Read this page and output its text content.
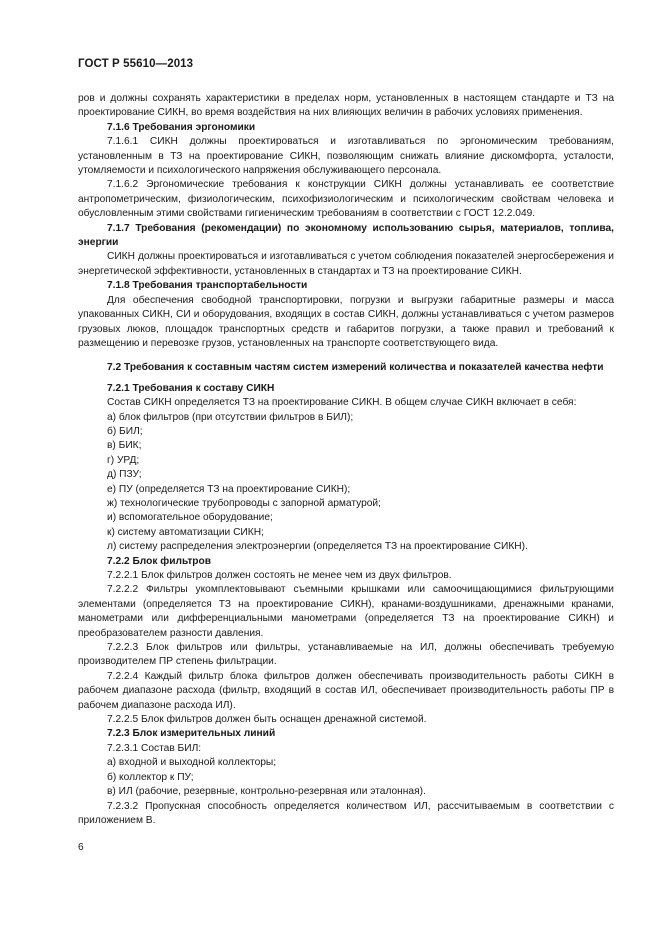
ГОСТ Р 55610—2013

ров и должны сохранять характеристики в пределах норм, установленных в настоящем стандарте и ТЗ на проектирование СИКН, во время воздействия на них влияющих величин в рабочих условиях применения.

7.1.6 Требования эргономики

7.1.6.1 СИКН должны проектироваться и изготавливаться по эргономическим требованиям, установленным в ТЗ на проектирование СИКН, позволяющим снижать влияние дискомфорта, усталости, утомляемости и психологического напряжения обслуживающего персонала.

7.1.6.2 Эргономические требования к конструкции СИКН должны устанавливать ее соответствие антропометрическим, физиологическим, психофизиологическим и психологическим свойствам человека и обусловленным этими свойствами гигиеническим требованиям в соответствии с ГОСТ 12.2.049.

7.1.7 Требования (рекомендации) по экономному использованию сырья, материалов, топлива, энергии

СИКН должны проектироваться и изготавливаться с учетом соблюдения показателей энергосбережения и энергетической эффективности, установленных в стандартах и ТЗ на проектирование СИКН.

7.1.8 Требования транспортабельности

Для обеспечения свободной транспортировки, погрузки и выгрузки габаритные размеры и масса упакованных СИКН, СИ и оборудования, входящих в состав СИКН, должны устанавливаться с учетом размеров грузовых люков, площадок транспортных средств и габаритов погрузки, а также правил и требований к размещению и перевозке грузов, установленных на транспорте соответствующего вида.

7.2 Требования к составным частям систем измерений количества и показателей качества нефти

7.2.1 Требования к составу СИКН

Состав СИКН определяется ТЗ на проектирование СИКН. В общем случае СИКН включает в себя:

а) блок фильтров (при отсутствии фильтров в БИЛ);

б) БИЛ;

в) БИК;

г) УРД;

д) ПЗУ;

е) ПУ (определяется ТЗ на проектирование СИКН);

ж) технологические трубопроводы с запорной арматурой;

и) вспомогательное оборудование;

к) систему автоматизации СИКН;

л) систему распределения электроэнергии (определяется ТЗ на проектирование СИКН).

7.2.2 Блок фильтров

7.2.2.1 Блок фильтров должен состоять не менее чем из двух фильтров.

7.2.2.2 Фильтры укомплектовывают съемными крышками или самоочищающимися фильтрующими элементами (определяется ТЗ на проектирование СИКН), кранами-воздушниками, дренажными кранами, манометрами или дифференциальными манометрами (определяется ТЗ на проектирование СИКН) и преобразователем разности давления.

7.2.2.3 Блок фильтров или фильтры, устанавливаемые на ИЛ, должны обеспечивать требуемую производителем ПР степень фильтрации.

7.2.2.4 Каждый фильтр блока фильтров должен обеспечивать производительность работы СИКН в рабочем диапазоне расхода (фильтр, входящий в состав ИЛ, обеспечивает производительность работы ПР в рабочем диапазоне расхода ИЛ).

7.2.2.5 Блок фильтров должен быть оснащен дренажной системой.

7.2.3 Блок измерительных линий

7.2.3.1 Состав БИЛ:

а) входной и выходной коллекторы;

б) коллектор к ПУ;

в) ИЛ (рабочие, резервные, контрольно-резервная или эталонная).

7.2.3.2 Пропускная способность определяется количеством ИЛ, рассчитываемым в соответствии с приложением В.

6
